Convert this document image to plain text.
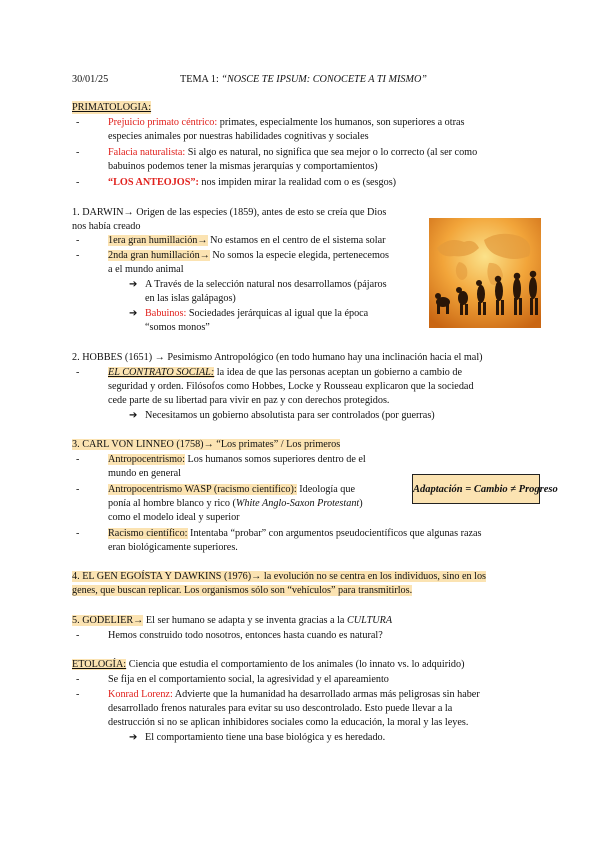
30/01/25	TEMA 1: “NOSCE TE IPSUM: CONOCETE A TI MISMO”
PRIMATOLOGIA:
-	Prejuicio primato céntrico: primates, especialmente los humanos, son superiores a otras
especies animales por nuestras habilidades cognitivas y sociales
-	Falacia naturalista: Si algo es natural, no significa que sea mejor o lo correcto (al ser como
babuinos podemos tener la mismas jerarquías y comportamientos)
-	“LOS ANTEOJOS”: nos impiden mirar la realidad com o es (sesgos)
1. DARWIN→ Origen de las especies (1859), antes de esto se creía que Dios
nos había creado
-	1era gran humillación→ No estamos en el centro de el sistema solar
-	2nda gran humillación→ No somos la especie elegida, pertenecemos
a el mundo animal
➔ A Través de la selección natural nos desarrollamos (pájaros
en las islas galápagos)
➔ Babuinos: Sociedades jerárquicas al igual que la época
“somos monos”
2. HOBBES (1651) → Pesimismo Antropológico (en todo humano hay una inclinación hacia el mal)
-	EL CONTRATO SOCIAL: la idea de que las personas aceptan un gobierno a cambio de
seguridad y orden. Filósofos como Hobbes, Locke y Rousseau explicaron que la sociedad
cede parte de su libertad para vivir en paz y con derechos protegidos.
➔ Necesitamos un gobierno absolutista para ser controlados (por guerras)
3. CARL VON LINNEO (1758)→ “Los primates” / Los primeros
-	Antropocentrismo: Los humanos somos superiores dentro de el
mundo en general
-	Antropocentrismo WASP (racismo científico): Ideología que
ponía al hombre blanco y rico (White Anglo-Saxon Protestant)
como el modelo ideal y superior
-	Racismo científico: Intentaba “probar” con argumentos pseudocientíficos que algunas razas
eran biológicamente superiores.
Adaptación = Cambio ≠ Progreso
4. EL GEN EGOÍSTA Y DAWKINS (1976)→ la evolución no se centra en los individuos, sino en los
genes, que buscan replicar. Los organismos sólo son “vehículos” para transmitirlos.
5. GODELIER→ El ser humano se adapta y se inventa gracias a la CULTURA
-	Hemos construido todo nosotros, entonces hasta cuando es natural?
ETOLOGÍA: Ciencia que estudia el comportamiento de los animales (lo innato vs. lo adquirido)
-	Se fija en el comportamiento social, la agresividad y el apareamiento
-	Konrad Lorenz: Advierte que la humanidad ha desarrollado armas más peligrosas sin haber
desarrollado frenos naturales para evitar su uso descontrolado. Esto puede llevar a la
destrucción si no se aplican inhibidores sociales como la educación, la moral y las leyes.
➔ El comportamiento tiene una base biológica y es heredado.
